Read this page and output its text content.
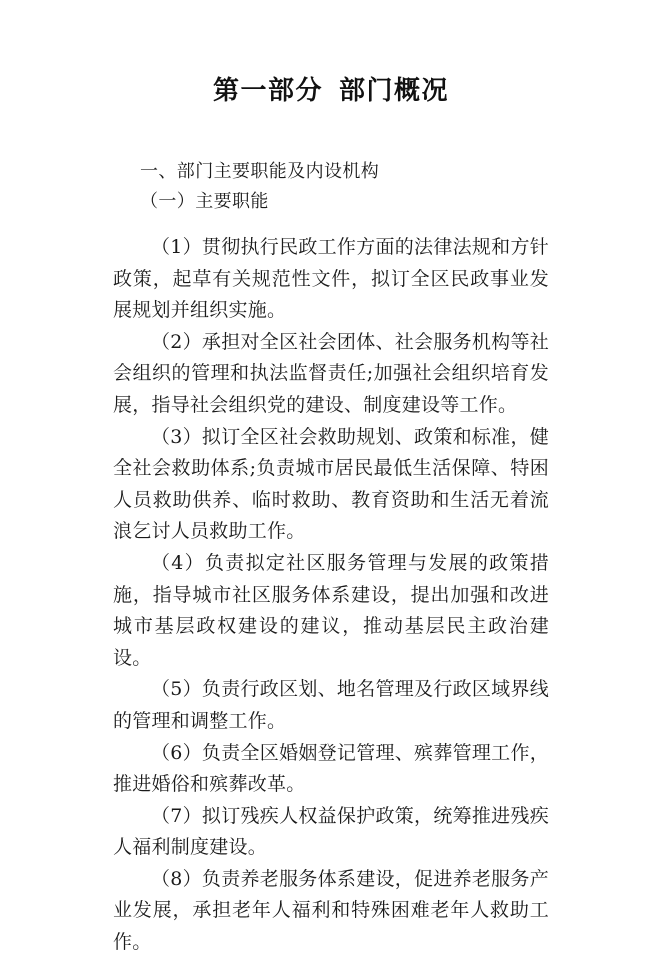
第一部分  部门概况
一、部门主要职能及内设机构
（一）主要职能

（1）贯彻执行民政工作方面的法律法规和方针政策，起草有关规范性文件，拟订全区民政事业发展规划并组织实施。

（2）承担对全区社会团体、社会服务机构等社会组织的管理和执法监督责任;加强社会组织培育发展，指导社会组织党的建设、制度建设等工作。

（3）拟订全区社会救助规划、政策和标准，健全社会救助体系;负责城市居民最低生活保障、特困人员救助供养、临时救助、教育资助和生活无着流浪乞讨人员救助工作。

（4）负责拟定社区服务管理与发展的政策措施，指导城市社区服务体系建设，提出加强和改进城市基层政权建设的建议，推动基层民主政治建设。

（5）负责行政区划、地名管理及行政区域界线的管理和调整工作。

（6）负责全区婚姻登记管理、殡葬管理工作，推进婚俗和殡葬改革。

（7）拟订残疾人权益保护政策，统筹推进残疾人福利制度建设。

（8）负责养老服务体系建设，促进养老服务产业发展，承担老年人福利和特殊困难老年人救助工作。
